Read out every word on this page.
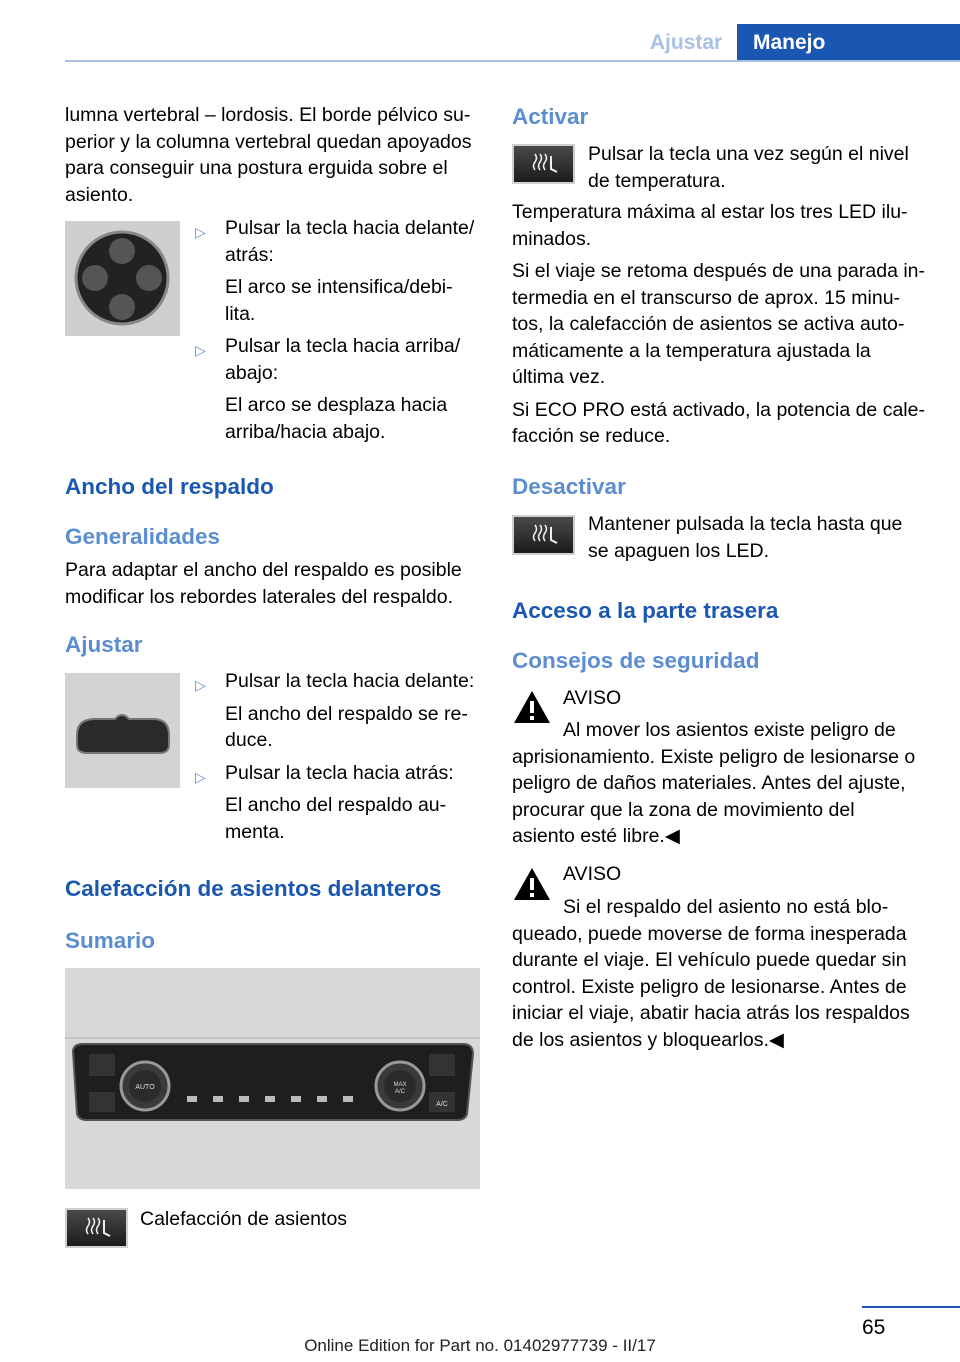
Ajustar	Manejo
lumna vertebral – lordosis. El borde pélvico su-
perior y la columna vertebral quedan apoyados
para conseguir una postura erguida sobre el
asiento.
▷ Pulsar la tecla hacia delante/
atrás:
El arco se intensifica/debi-
lita.
▷ Pulsar la tecla hacia arriba/
abajo:
El arco se desplaza hacia
arriba/hacia abajo.
Ancho del respaldo
Generalidades
Para adaptar el ancho del respaldo es posible
modificar los rebordes laterales del respaldo.
Ajustar
▷ Pulsar la tecla hacia delante:
El ancho del respaldo se re-
duce.
▷ Pulsar la tecla hacia atrás:
El ancho del respaldo au-
menta.
Calefacción de asientos delanteros
Sumario
AUTO	MAX
A/C
A/C
Calefacción de asientos
Activar
Pulsar la tecla una vez según el nivel
de temperatura.
Temperatura máxima al estar los tres LED ilu-
minados.
Si el viaje se retoma después de una parada in-
termedia en el transcurso de aprox. 15 minu-
tos, la calefacción de asientos se activa auto-
máticamente a la temperatura ajustada la
última vez.
Si ECO PRO está activado, la potencia de cale-
facción se reduce.
Desactivar
Mantener pulsada la tecla hasta que
se apaguen los LED.
Acceso a la parte trasera
Consejos de seguridad
AVISO
Al mover los asientos existe peligro de
aprisionamiento. Existe peligro de lesionarse o
peligro de daños materiales. Antes del ajuste,
procurar que la zona de movimiento del
asiento esté libre.◀
AVISO
Si el respaldo del asiento no está blo-
queado, puede moverse de forma inesperada
durante el viaje. El vehículo puede quedar sin
control. Existe peligro de lesionarse. Antes de
iniciar el viaje, abatir hacia atrás los respaldos
de los asientos y bloquearlos.◀
65
Online Edition for Part no. 01402977739 - II/17
